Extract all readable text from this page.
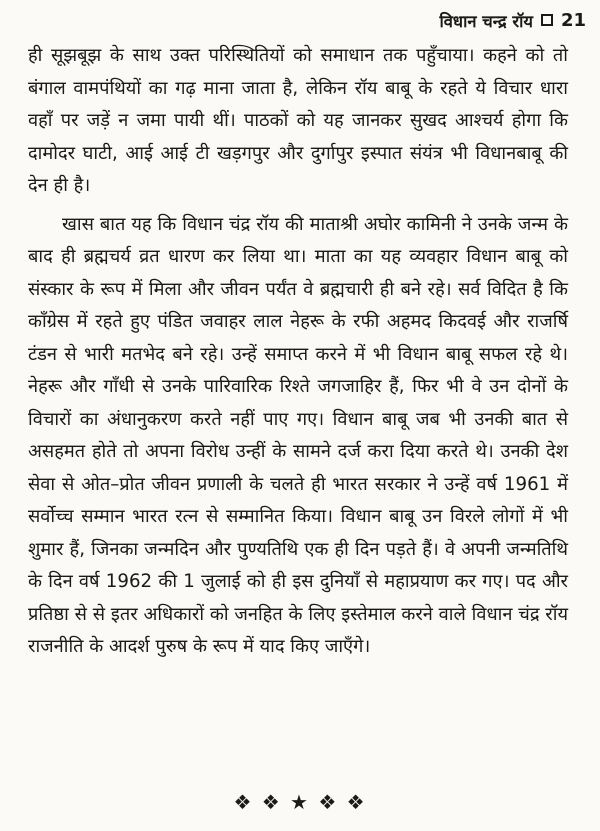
विधान चन्द्र रॉय 21

ही सूझबूझ के साथ उक्त परिस्थितियों को समाधान तक पहुँचाया। कहने को तो बंगाल वामपंथियों का गढ़ माना जाता है, लेकिन रॉय बाबू के रहते ये विचार धारा वहाँ पर जड़ें न जमा पायी थीं। पाठकों को यह जानकर सुखद आश्चर्य होगा कि दामोदर घाटी, आई आई टी खड़गपुर और दुर्गापुर इस्पात संयंत्र भी विधानबाबू की देन ही है।

खास बात यह कि विधान चंद्र रॉय की माताश्री अघोर कामिनी ने उनके जन्म के बाद ही ब्रह्मचर्य व्रत धारण कर लिया था। माता का यह व्यवहार विधान बाबू को संस्कार के रूप में मिला और जीवन पर्यंत वे ब्रह्मचारी ही बने रहे। सर्व विदित है कि काँग्रेस में रहते हुए पंडित जवाहर लाल नेहरू के रफी अहमद किदवई और राजर्षि टंडन से भारी मतभेद बने रहे। उन्हें समाप्त करने में भी विधान बाबू सफल रहे थे। नेहरू और गाँधी से उनके पारिवारिक रिश्ते जगजाहिर हैं, फिर भी वे उन दोनों के विचारों का अंधानुकरण करते नहीं पाए गए। विधान बाबू जब भी उनकी बात से असहमत होते तो अपना विरोध उन्हीं के सामने दर्ज करा दिया करते थे। उनकी देश सेवा से ओत–प्रोत जीवन प्रणाली के चलते ही भारत सरकार ने उन्हें वर्ष 1961 में सर्वोच्च सम्मान भारत रत्न से सम्मानित किया। विधान बाबू उन विरले लोगों में भी शुमार हैं, जिनका जन्मदिन और पुण्यतिथि एक ही दिन पड़ते हैं। वे अपनी जन्मतिथि के दिन वर्ष 1962 की 1 जुलाई को ही इस दुनियाँ से महाप्रयाण कर गए। पद और प्रतिष्ठा से से इतर अधिकारों को जनहित के लिए इस्तेमाल करने वाले विधान चंद्र रॉय राजनीति के आदर्श पुरुष के रूप में याद किए जाएँगे।

❖ ❖ ★ ❖ ❖
